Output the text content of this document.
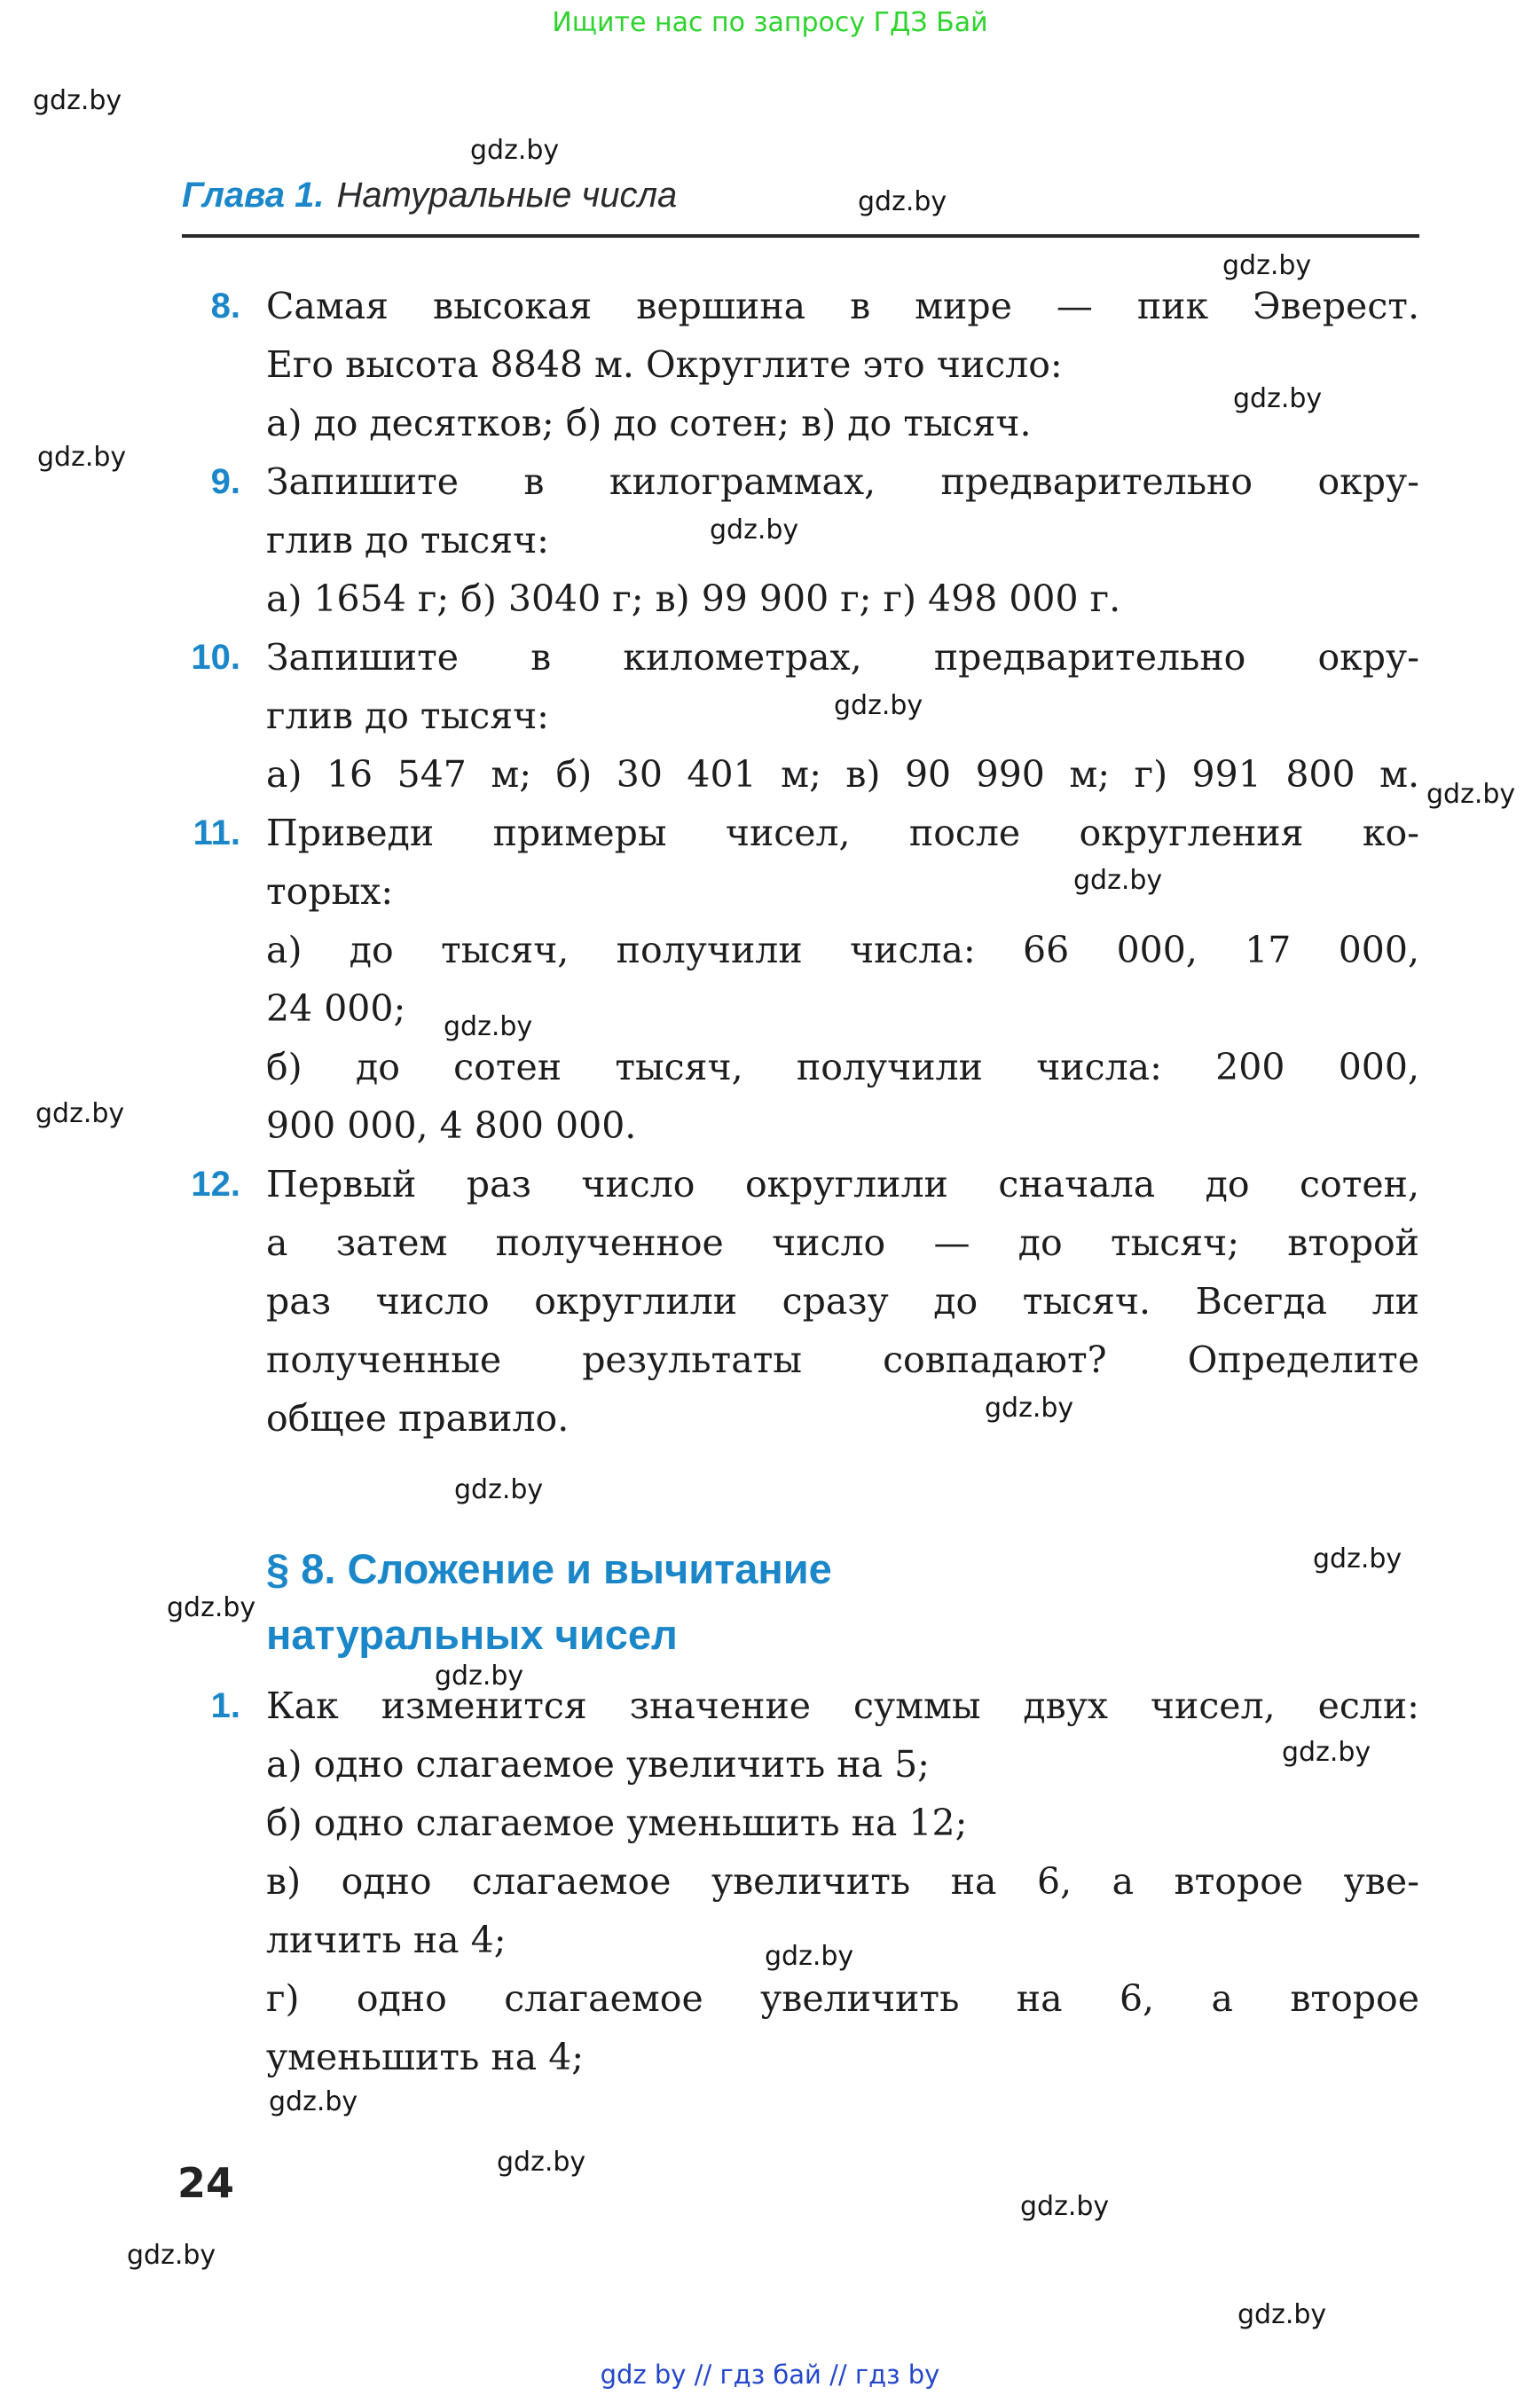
Ищите нас по запросу ГДЗ Бай
gdz.by
gdz.by
gdz.by
gdz.by
gdz.by
gdz.by
gdz.by
gdz.by
gdz.by
gdz.by
gdz.by
gdz.by
gdz.by
gdz.by
gdz.by
gdz.by
gdz.by
gdz.by
gdz.by
gdz.by
gdz.by
gdz.by
gdz.by
gdz.by
Глава 1. Натуральные числа
8. Самая высокая вершина в мире — пик Эверест.
Его высота 8848 м. Округлите это число:
а) до десятков; б) до сотен; в) до тысяч.
9. Запишите в килограммах, предварительно окру-
глив до тысяч:
а) 1654 г; б) 3040 г; в) 99 900 г; г) 498 000 г.
10. Запишите в километрах, предварительно окру-
глив до тысяч:
а) 16 547 м; б) 30 401 м; в) 90 990 м; г) 991 800 м.
11. Приведи примеры чисел, после округления ко-
торых:
а) до тысяч, получили числа: 66 000, 17 000,
24 000;
б) до сотен тысяч, получили числа: 200 000,
900 000, 4 800 000.
12. Первый раз число округлили сначала до сотен,
а затем полученное число — до тысяч; второй
раз число округлили сразу до тысяч. Всегда ли
полученные результаты совпадают? Определите
общее правило.
§ 8. Сложение и вычитание
натуральных чисел
1. Как изменится значение суммы двух чисел, если:
а) одно слагаемое увеличить на 5;
б) одно слагаемое уменьшить на 12;
в) одно слагаемое увеличить на 6, а второе уве-
личить на 4;
г) одно слагаемое увеличить на 6, а второе
уменьшить на 4;
24
gdz by // гдз бай // гдз by
